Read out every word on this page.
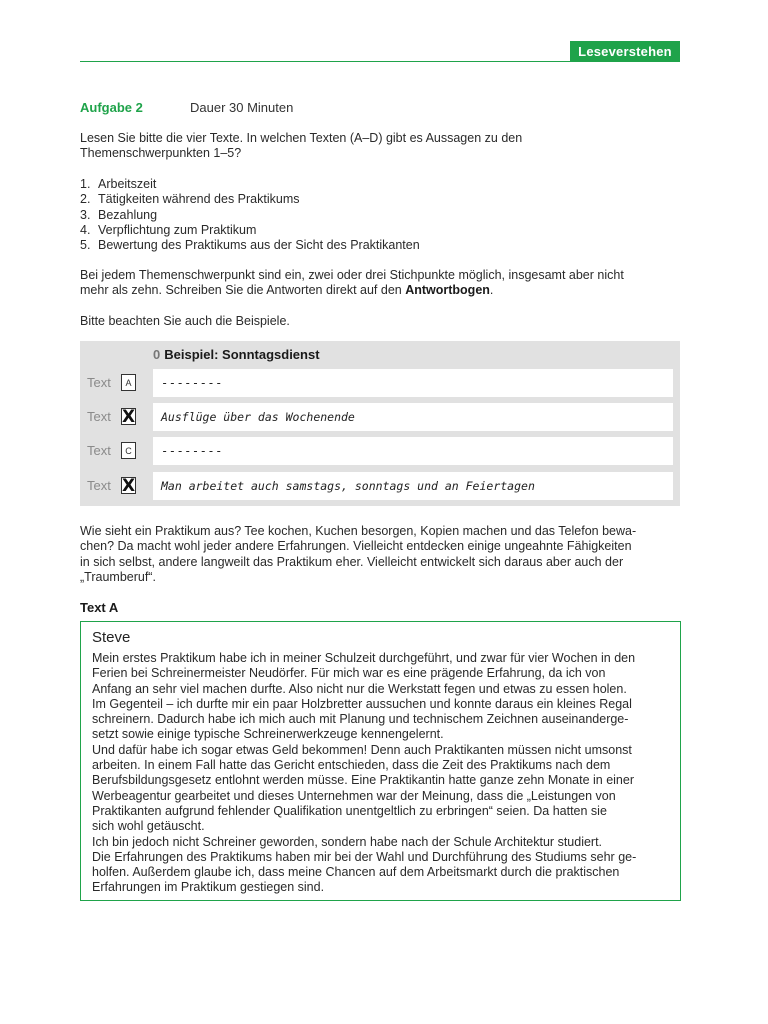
Leseverstehen
Aufgabe 2	Dauer 30 Minuten
Lesen Sie bitte die vier Texte. In welchen Texten (A–D) gibt es Aussagen zu den
Themenschwerpunkten 1–5?
1. Arbeitszeit
2. Tätigkeiten während des Praktikums
3. Bezahlung
4. Verpflichtung zum Praktikum
5. Bewertung des Praktikums aus der Sicht des Praktikanten
Bei jedem Themenschwerpunkt sind ein, zwei oder drei Stichpunkte möglich, insgesamt aber nicht
mehr als zehn. Schreiben Sie die Antworten direkt auf den Antwortbogen.
Bitte beachten Sie auch die Beispiele.
0 Beispiel: Sonntagsdienst
Text	A	--------
Text X	Ausflüge über das Wochenende
Text	C	--------
Text X	Man arbeitet auch samstags, sonntags und an Feiertagen
Wie sieht ein Praktikum aus? Tee kochen, Kuchen besorgen, Kopien machen und das Telefon bewa-
chen? Da macht wohl jeder andere Erfahrungen. Vielleicht entdecken einige ungeahnte Fähigkeiten
in sich selbst, andere langweilt das Praktikum eher. Vielleicht entwickelt sich daraus aber auch der
„Traumberuf“.
Text A
Steve
Mein erstes Praktikum habe ich in meiner Schulzeit durchgeführt, und zwar für vier Wochen in den
Ferien bei Schreinermeister Neudörfer. Für mich war es eine prägende Erfahrung, da ich von
Anfang an sehr viel machen durfte. Also nicht nur die Werkstatt fegen und etwas zu essen holen.
Im Gegenteil – ich durfte mir ein paar Holzbretter aussuchen und konnte daraus ein kleines Regal
schreinern. Dadurch habe ich mich auch mit Planung und technischem Zeichnen auseinanderge-
setzt sowie einige typische Schreinerwerkzeuge kennengelernt.
Und dafür habe ich sogar etwas Geld bekommen! Denn auch Praktikanten müssen nicht umsonst
arbeiten. In einem Fall hatte das Gericht entschieden, dass die Zeit des Praktikums nach dem
Berufsbildungsgesetz entlohnt werden müsse. Eine Praktikantin hatte ganze zehn Monate in einer
Werbeagentur gearbeitet und dieses Unternehmen war der Meinung, dass die „Leistungen von
Praktikanten aufgrund fehlender Qualifikation unentgeltlich zu erbringen“ seien. Da hatten sie
sich wohl getäuscht.
Ich bin jedoch nicht Schreiner geworden, sondern habe nach der Schule Architektur studiert.
Die Erfahrungen des Praktikums haben mir bei der Wahl und Durchführung des Studiums sehr ge-
holfen. Außerdem glaube ich, dass meine Chancen auf dem Arbeitsmarkt durch die praktischen
Erfahrungen im Praktikum gestiegen sind.
